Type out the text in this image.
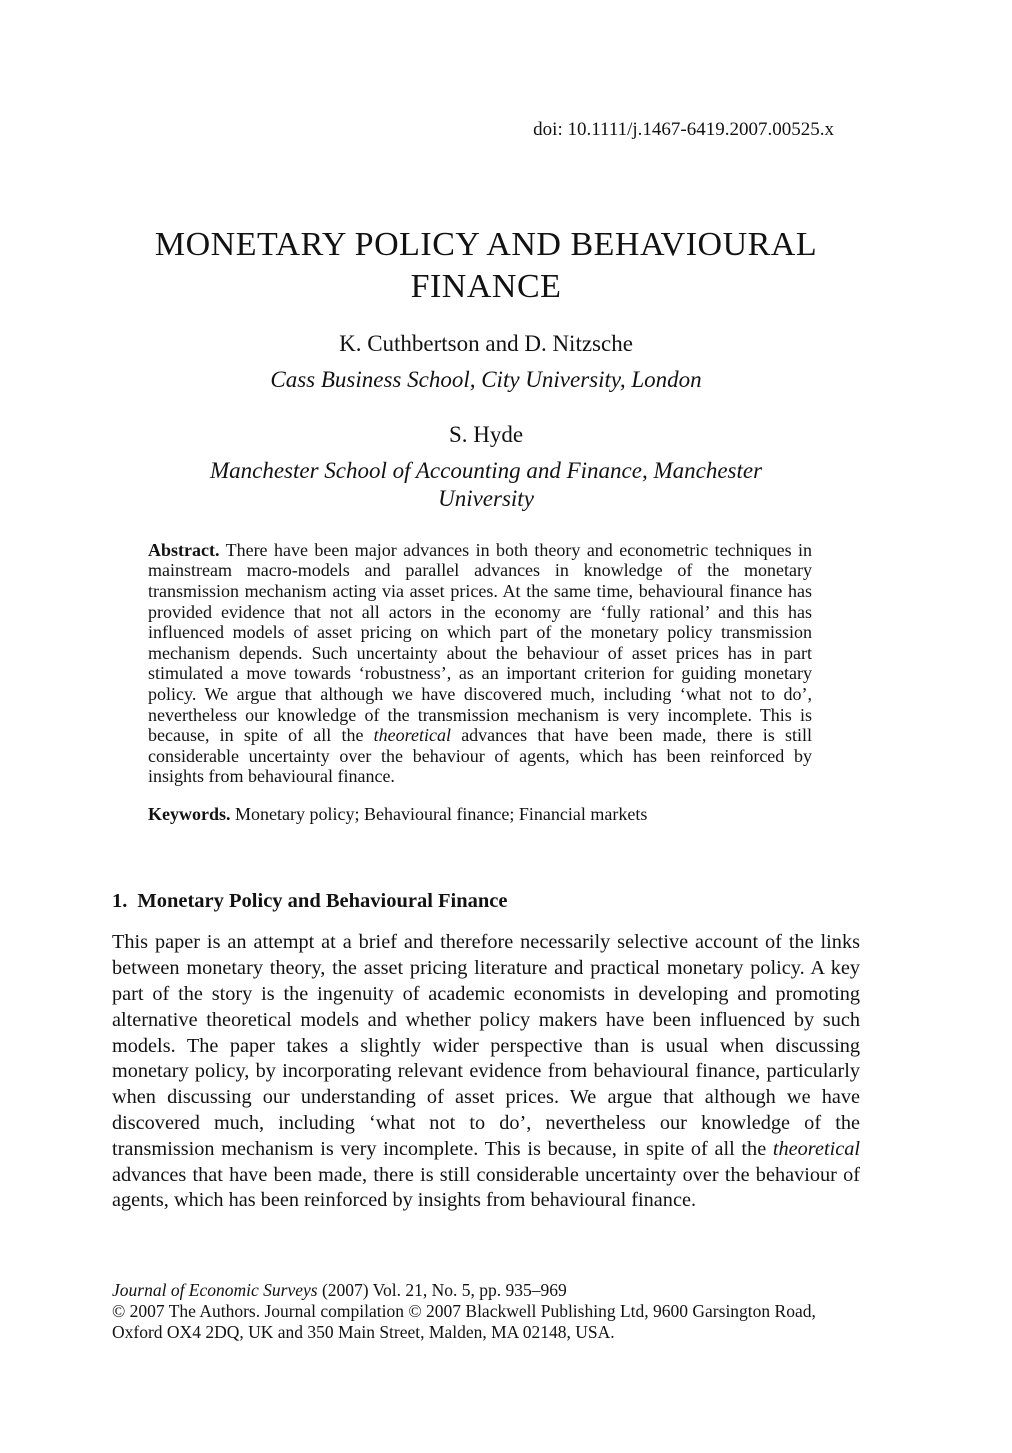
doi: 10.1111/j.1467-6419.2007.00525.x
MONETARY POLICY AND BEHAVIOURAL FINANCE
K. Cuthbertson and D. Nitzsche
Cass Business School, City University, London
S. Hyde
Manchester School of Accounting and Finance, Manchester University
Abstract. There have been major advances in both theory and econometric techniques in mainstream macro-models and parallel advances in knowledge of the monetary transmission mechanism acting via asset prices. At the same time, behavioural finance has provided evidence that not all actors in the economy are ‘fully rational’ and this has influenced models of asset pricing on which part of the monetary policy transmission mechanism depends. Such uncertainty about the behaviour of asset prices has in part stimulated a move towards ‘robustness’, as an important criterion for guiding monetary policy. We argue that although we have discovered much, including ‘what not to do’, nevertheless our knowledge of the transmission mechanism is very incomplete. This is because, in spite of all the theoretical advances that have been made, there is still considerable uncertainty over the behaviour of agents, which has been reinforced by insights from behavioural finance.
Keywords. Monetary policy; Behavioural finance; Financial markets
1. Monetary Policy and Behavioural Finance
This paper is an attempt at a brief and therefore necessarily selective account of the links between monetary theory, the asset pricing literature and practical monetary policy. A key part of the story is the ingenuity of academic economists in developing and promoting alternative theoretical models and whether policy makers have been influenced by such models. The paper takes a slightly wider perspective than is usual when discussing monetary policy, by incorporating relevant evidence from behavioural finance, particularly when discussing our understanding of asset prices. We argue that although we have discovered much, including ‘what not to do’, nevertheless our knowledge of the transmission mechanism is very incomplete. This is because, in spite of all the theoretical advances that have been made, there is still considerable uncertainty over the behaviour of agents, which has been reinforced by insights from behavioural finance.
Journal of Economic Surveys (2007) Vol. 21, No. 5, pp. 935–969
© 2007 The Authors. Journal compilation © 2007 Blackwell Publishing Ltd, 9600 Garsington Road,
Oxford OX4 2DQ, UK and 350 Main Street, Malden, MA 02148, USA.
